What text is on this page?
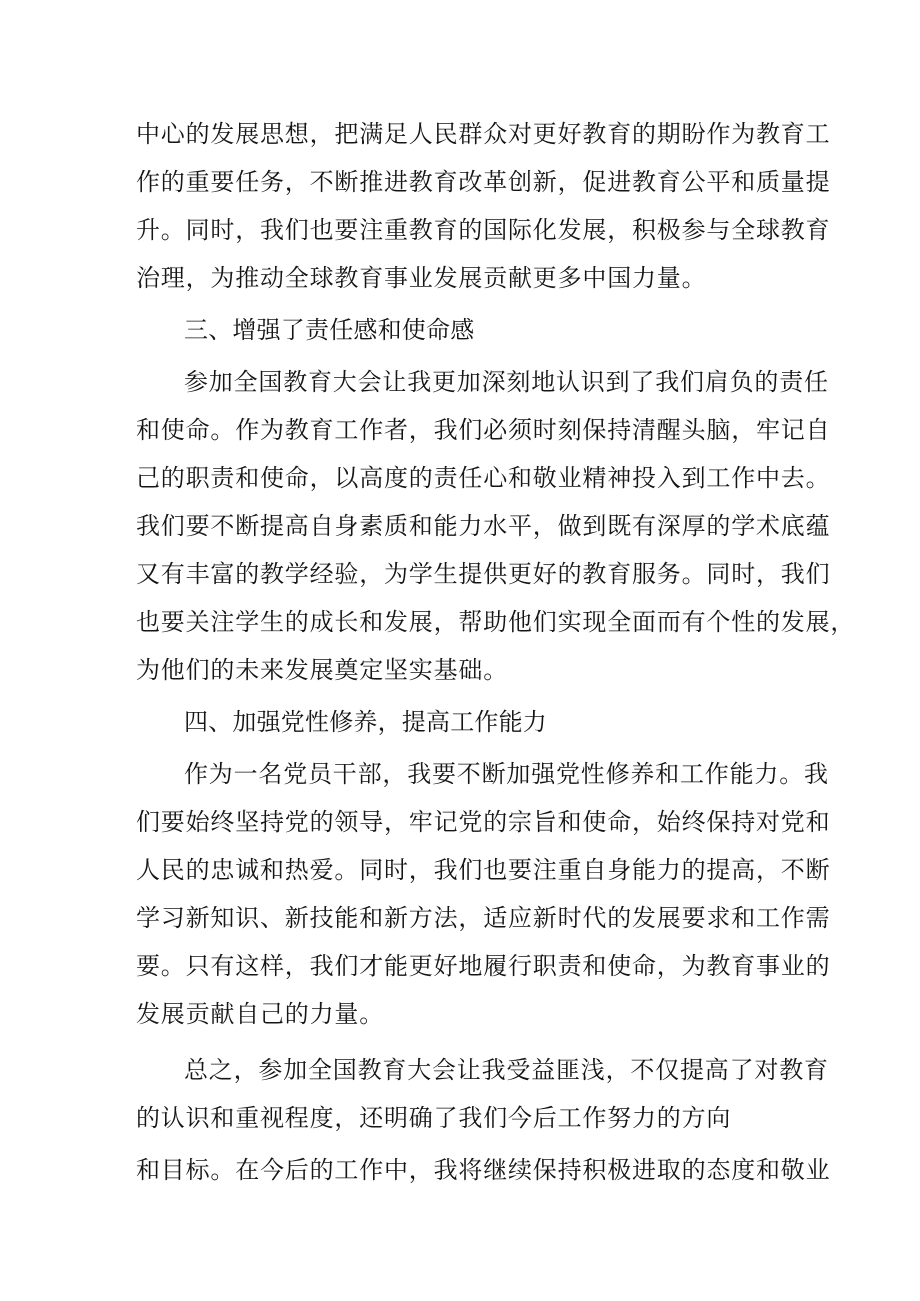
中心的发展思想，把满足人民群众对更好教育的期盼作为教育工
作的重要任务，不断推进教育改革创新，促进教育公平和质量提
升。同时，我们也要注重教育的国际化发展，积极参与全球教育
治理，为推动全球教育事业发展贡献更多中国力量。
三、增强了责任感和使命感
参加全国教育大会让我更加深刻地认识到了我们肩负的责任
和使命。作为教育工作者，我们必须时刻保持清醒头脑，牢记自
己的职责和使命，以高度的责任心和敬业精神投入到工作中去。
我们要不断提高自身素质和能力水平，做到既有深厚的学术底蕴
又有丰富的教学经验，为学生提供更好的教育服务。同时，我们
也要关注学生的成长和发展，帮助他们实现全面而有个性的发展，
为他们的未来发展奠定坚实基础。
四、加强党性修养，提高工作能力
作为一名党员干部，我要不断加强党性修养和工作能力。我
们要始终坚持党的领导，牢记党的宗旨和使命，始终保持对党和
人民的忠诚和热爱。同时，我们也要注重自身能力的提高，不断
学习新知识、新技能和新方法，适应新时代的发展要求和工作需
要。只有这样，我们才能更好地履行职责和使命，为教育事业的
发展贡献自己的力量。
总之，参加全国教育大会让我受益匪浅，不仅提高了对教育
的认识和重视程度，还明确了我们今后工作努力的方向
和目标。在今后的工作中，我将继续保持积极进取的态度和敬业
